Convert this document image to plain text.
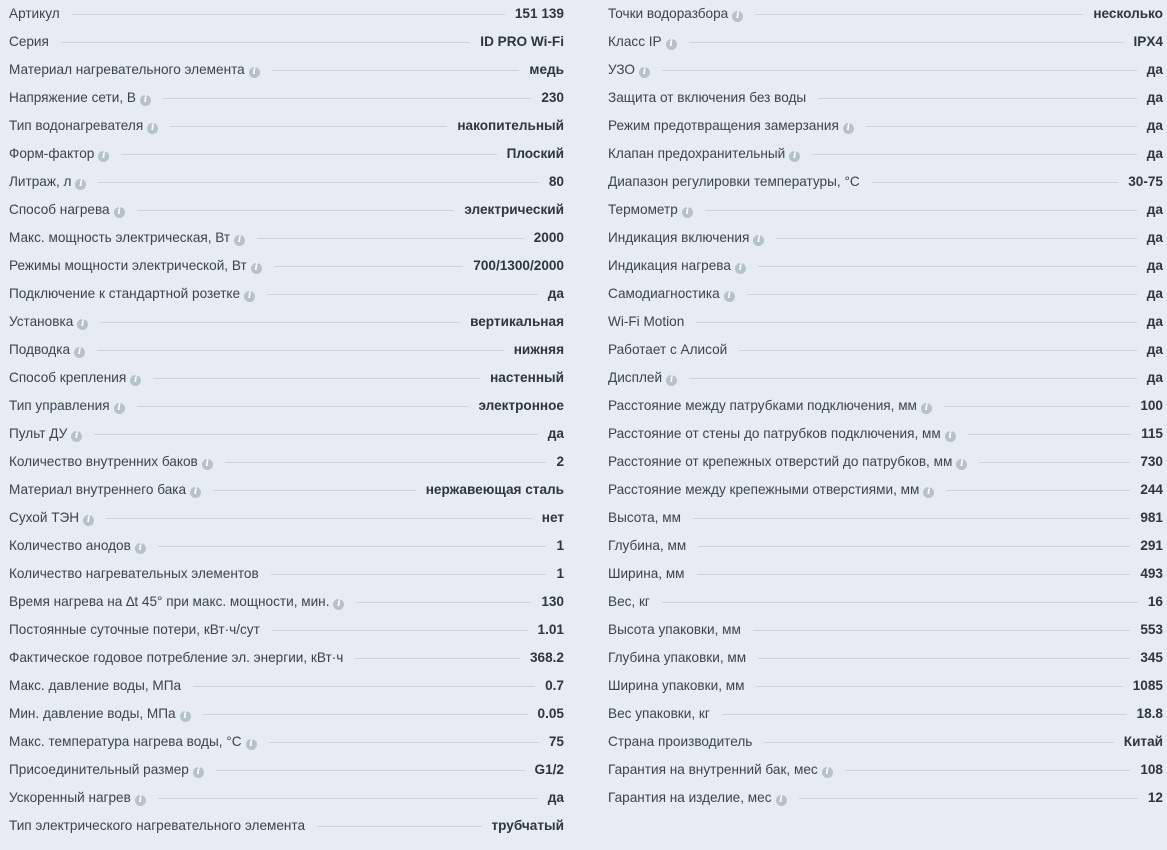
Артикул	151 139
Серия	ID PRO Wi-Fi
Материал нагревательного элемента i	медь
Напряжение сети, В i	230
Тип водонагревателя i	накопительный
Форм-фактор i	Плоский
Литраж, л i	80
Способ нагрева i	электрический
Макс. мощность электрическая, Вт i	2000
Режимы мощности электрической, Вт i	700/1300/2000
Подключение к стандартной розетке i	да
Установка i	вертикальная
Подводка i	нижняя
Способ крепления i	настенный
Тип управления i	электронное
Пульт ДУ i	да
Количество внутренних баков i	2
Материал внутреннего бака i	нержавеющая сталь
Сухой ТЭН i	нет
Количество анодов i	1
Количество нагревательных элементов	1
Время нагрева на ∆t 45° при макс. мощности, мин. i	130
Постоянные суточные потери, кВт·ч/сут	1.01
Фактическое годовое потребление эл. энергии, кВт·ч	368.2
Макс. давление воды, МПа	0.7
Мин. давление воды, МПа i	0.05
Макс. температура нагрева воды, °С i	75
Присоединительный размер i	G1/2
Ускоренный нагрев i	да
Тип электрического нагревательного элемента	трубчатый
Точки водоразбора i	несколько
Класс IP i	IPX4
УЗО i	да
Защита от включения без воды	да
Режим предотвращения замерзания i	да
Клапан предохранительный i	да
Диапазон регулировки температуры, °С	30-75
Термометр i	да
Индикация включения i	да
Индикация нагрева i	да
Самодиагностика i	да
Wi-Fi Motion	да
Работает с Алисой	да
Дисплей i	да
Расстояние между патрубками подключения, мм i	100
Расстояние от стены до патрубков подключения, мм i	115
Расстояние от крепежных отверстий до патрубков, мм i	730
Расстояние между крепежными отверстиями, мм i	244
Высота, мм	981
Глубина, мм	291
Ширина, мм	493
Вес, кг	16
Высота упаковки, мм	553
Глубина упаковки, мм	345
Ширина упаковки, мм	1085
Вес упаковки, кг	18.8
Страна производитель	Китай
Гарантия на внутренний бак, мес i	108
Гарантия на изделие, мес i	12
